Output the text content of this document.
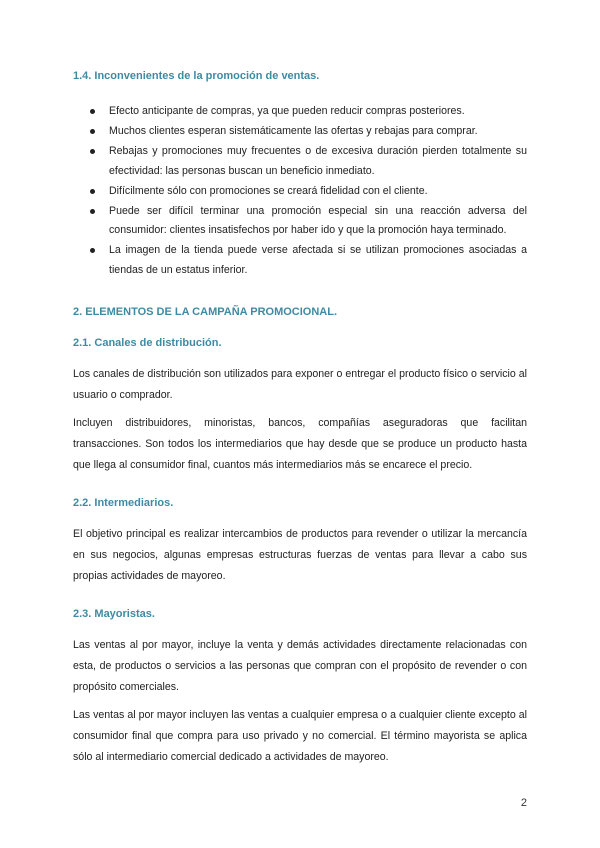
1.4. Inconvenientes de la promoción de ventas.
Efecto anticipante de compras, ya que pueden reducir compras posteriores.
Muchos clientes esperan sistemáticamente las ofertas y rebajas para comprar.
Rebajas y promociones muy frecuentes o de excesiva duración pierden totalmente su efectividad: las personas buscan un beneficio inmediato.
Difícilmente sólo con promociones se creará fidelidad con el cliente.
Puede ser difícil terminar una promoción especial sin una reacción adversa del consumidor: clientes insatisfechos por haber ido y que la promoción haya terminado.
La imagen de la tienda puede verse afectada si se utilizan promociones asociadas a tiendas de un estatus inferior.
2. ELEMENTOS DE LA CAMPAÑA PROMOCIONAL.
2.1. Canales de distribución.

Los canales de distribución son utilizados para exponer o entregar el producto físico o servicio al usuario o comprador.

Incluyen distribuidores, minoristas, bancos, compañías aseguradoras que facilitan transacciones. Son todos los intermediarios que hay desde que se produce un producto hasta que llega al consumidor final, cuantos más intermediarios más se encarece el precio.

2.2. Intermediarios.

El objetivo principal es realizar intercambios de productos para revender o utilizar la mercancía en sus negocios, algunas empresas estructuras fuerzas de ventas para llevar a cabo sus propias actividades de mayoreo.

2.3. Mayoristas.

Las ventas al por mayor, incluye la venta y demás actividades directamente relacionadas con esta, de productos o servicios a las personas que compran con el propósito de revender o con propósito comerciales.

Las ventas al por mayor incluyen las ventas a cualquier empresa o a cualquier cliente excepto al consumidor final que compra para uso privado y no comercial. El término mayorista se aplica sólo al intermediario comercial dedicado a actividades de mayoreo.

2
